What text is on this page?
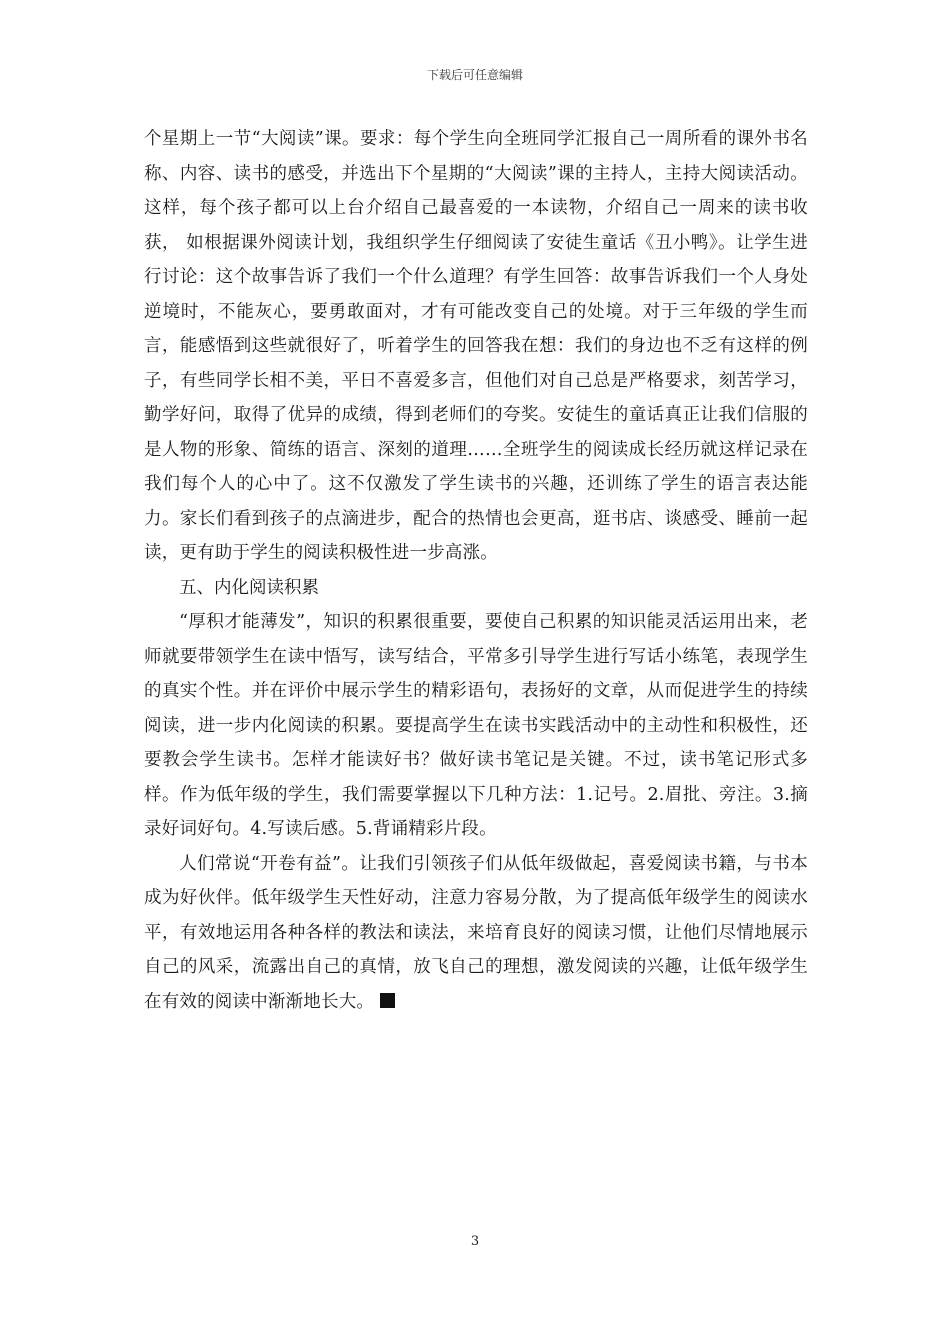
下载后可任意编辑

个星期上一节“大阅读”课。要求：每个学生向全班同学汇报自己一周所看的课外书名称、内容、读书的感受，并选出下个星期的“大阅读”课的主持人，主持大阅读活动。这样，每个孩子都可以上台介绍自己最喜爱的一本读物，介绍自己一周来的读书收获， 如根据课外阅读计划，我组织学生仔细阅读了安徒生童话《丑小鸭》。让学生进行讨论：这个故事告诉了我们一个什么道理？有学生回答：故事告诉我们一个人身处逆境时，不能灰心，要勇敢面对，才有可能改变自己的处境。对于三年级的学生而言，能感悟到这些就很好了，听着学生的回答我在想：我们的身边也不乏有这样的例子，有些同学长相不美，平日不喜爱多言，但他们对自己总是严格要求，刻苦学习，勤学好问，取得了优异的成绩，得到老师们的夸奖。安徒生的童话真正让我们信服的是人物的形象、简练的语言、深刻的道理……全班学生的阅读成长经历就这样记录在我们每个人的心中了。这不仅激发了学生读书的兴趣，还训练了学生的语言表达能力。家长们看到孩子的点滴进步，配合的热情也会更高，逛书店、谈感受、睡前一起读，更有助于学生的阅读积极性进一步高涨。

五、内化阅读积累

“厚积才能薄发”，知识的积累很重要，要使自己积累的知识能灵活运用出来，老师就要带领学生在读中悟写，读写结合，平常多引导学生进行写话小练笔，表现学生的真实个性。并在评价中展示学生的精彩语句，表扬好的文章，从而促进学生的持续阅读，进一步内化阅读的积累。要提高学生在读书实践活动中的主动性和积极性，还要教会学生读书。怎样才能读好书？做好读书笔记是关键。不过，读书笔记形式多样。作为低年级的学生，我们需要掌握以下几种方法：1.记号。2.眉批、旁注。3.摘录好词好句。4.写读后感。5.背诵精彩片段。

人们常说“开卷有益”。让我们引领孩子们从低年级做起，喜爱阅读书籍，与书本成为好伙伴。低年级学生天性好动，注意力容易分散，为了提高低年级学生的阅读水平，有效地运用各种各样的教法和读法，来培育良好的阅读习惯，让他们尽情地展示自己的风采，流露出自己的真情，放飞自己的理想，激发阅读的兴趣，让低年级学生在有效的阅读中渐渐地长大。

3
